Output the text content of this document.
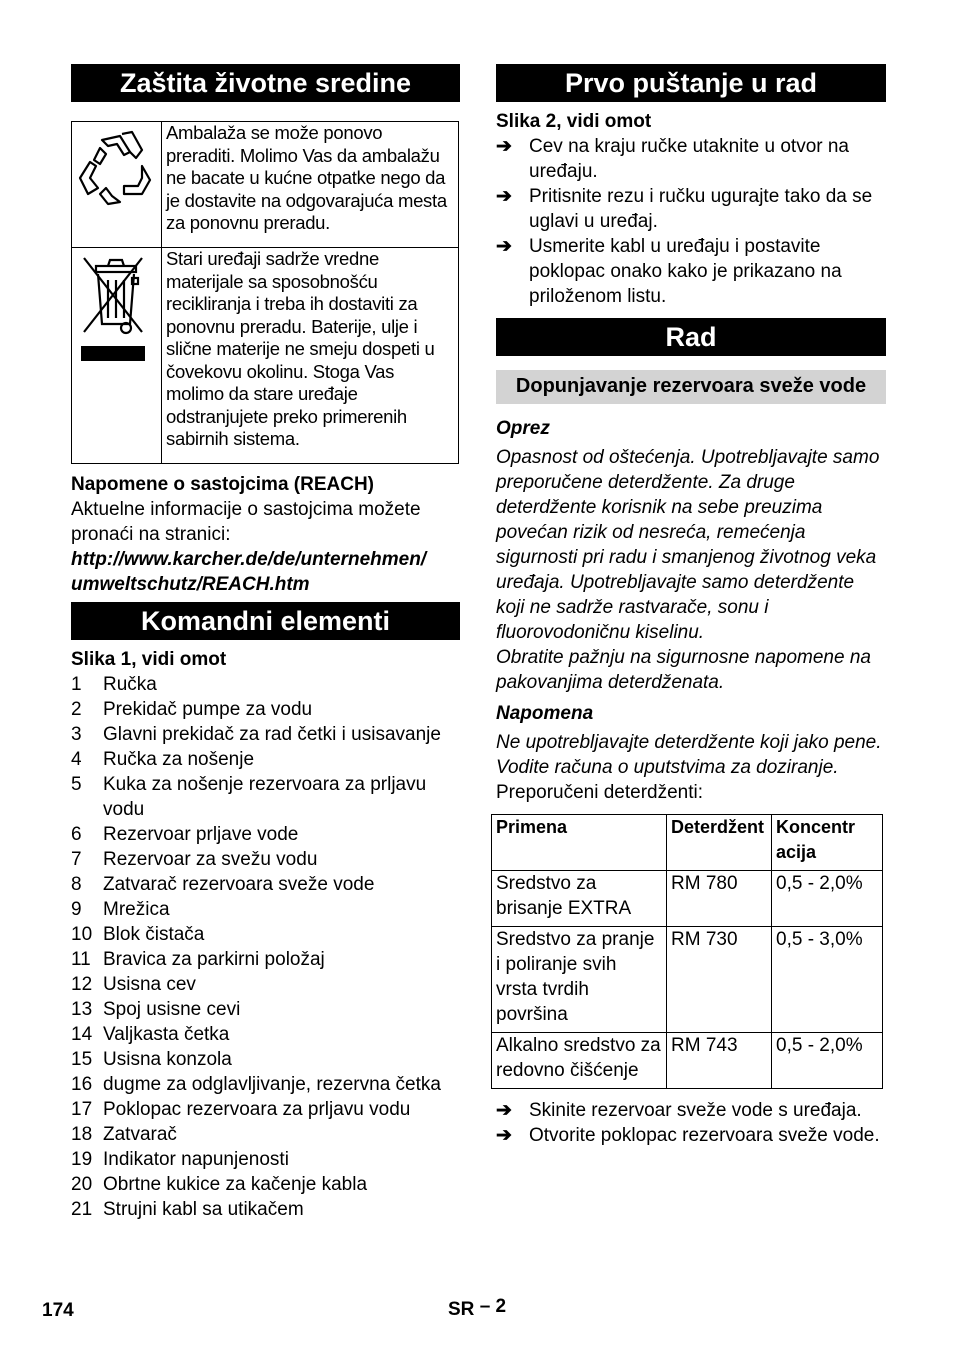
Zaštita životne sredine
	Ambalaža se može ponovo preraditi. Molimo Vas da ambalažu ne bacate u kućne otpatke nego da je dostavite na odgovarajuća mesta za ponovnu preradu.
	Stari uređaji sadrže vredne materijale sa sposobnošću recikliranja i treba ih dostaviti za ponovnu preradu. Baterije, ulje i slične materije ne smeju dospeti u čovekovu okolinu. Stoga Vas molimo da stare uređaje odstranjujete preko primerenih sabirnih sistema.

Napomene o sastojcima (REACH)

Aktuelne informacije o sastojcima možete pronaći na stranici:

http://www.karcher.de/de/unternehmen/
umweltschutz/REACH.htm

Komandni elementi

Slika 1, vidi omot

1	Ručka
2	Prekidač pumpe za vodu
3	Glavni prekidač za rad četki i usisavanje
4	Ručka za nošenje
5	Kuka za nošenje rezervoara za prljavu vodu
6	Rezervoar prljave vode
7	Rezervoar za svežu vodu
8	Zatvarač rezervoara sveže vode
9	Mrežica
10 Blok čistača
11 Bravica za parkirni položaj
12 Usisna cev
13 Spoj usisne cevi
14 Valjkasta četka
15 Usisna konzola
16 dugme za odglavljivanje, rezervna četka
17 Poklopac rezervoara za prljavu vodu
18 Zatvarač
19 Indikator napunjenosti
20 Obrtne kukice za kačenje kabla
21 Strujni kabl sa utikačem
Prvo puštanje u rad

Slika 2, vidi omot

➔ Cev na kraju ručke utaknite u otvor na uređaju.
➔ Pritisnite rezu i ručku ugurajte tako da se uglavi u uređaj.
➔ Usmerite kabl u uređaju i postavite poklopac onako kako je prikazano na priloženom listu.
Rad
Dopunjavanje rezervoara sveže vode

Oprez

Opasnost od oštećenja. Upotrebljavajte samo preporučene deterdžente. Za druge deterdžente korisnik na sebe preuzima povećan rizik od nesreća, remećenja sigurnosti pri radu i smanjenog životnog veka uređaja. Upotrebljavajte samo deterdžente koji ne sadrže rastvarače, sonu i fluorovodoničnu kiselinu.

Obratite pažnju na sigurnosne napomene na pakovanjima deterdženata.

Napomena

Ne upotrebljavajte deterdžente koji jako pene. Vodite računa o uputstvima za doziranje.

Preporučeni deterdženti:

Primena	Deterdžent	Koncentr acija
Sredstvo za brisanje EXTRA	RM 780	0,5 - 2,0%
Sredstvo za pranje i poliranje svih vrsta tvrdih površina	RM 730	0,5 - 3,0%
Alkalno sredstvo za redovno čišćenje	RM 743	0,5 - 2,0%
➔ Skinite rezervoar sveže vode s uređaja.
➔ Otvorite poklopac rezervoara sveže vode.
174	SR – 2
